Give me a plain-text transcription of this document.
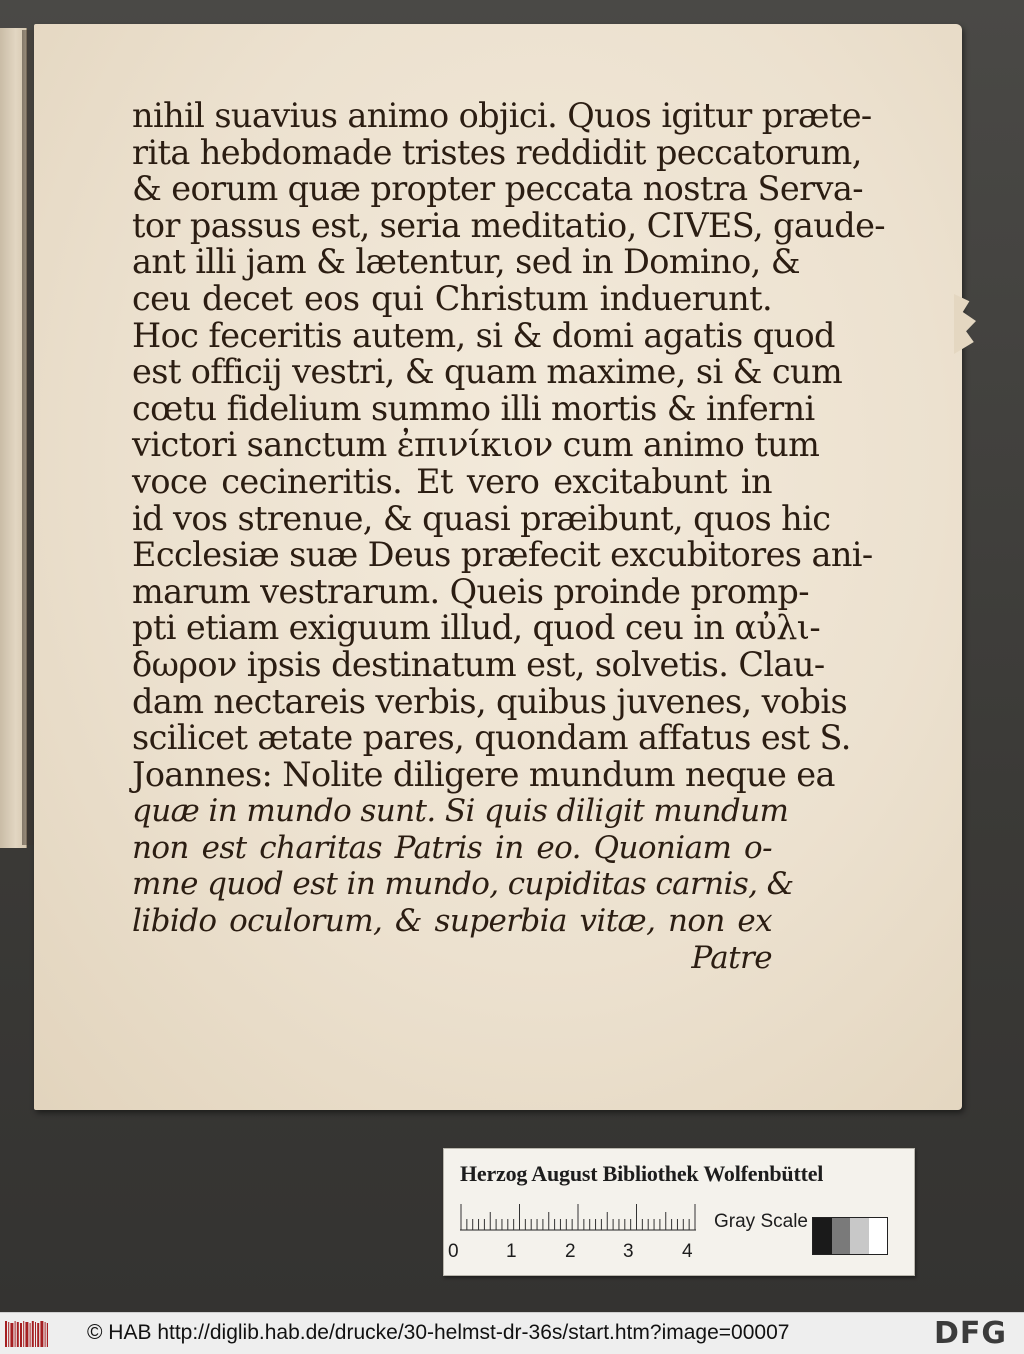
nihil suavius animo objici. Quos igitur præte-
rita hebdomade tristes reddidit peccatorum,
& eorum quæ propter peccata nostra Serva-
tor passus est, seria meditatio, CIVES, gaude-
ant illi jam & lætentur, sed in Domino, &
ceu decet eos qui Christum induerunt.
Hoc feceritis autem, si & domi agatis quod
est officij vestri, & quam maxime, si & cum
cœtu fidelium summo illi mortis & inferni
victori sanctum ἐπινίκιον cum animo tum
voce cecineritis. Et vero excitabunt in
id vos strenue, & quasi præibunt, quos hic
Ecclesiæ suæ Deus præfecit excubitores ani-
marum vestrarum. Queis proinde promp-
pti etiam exiguum illud, quod ceu in αὐλι-
δωρον ipsis destinatum est, solvetis. Clau-
dam nectareis verbis, quibus juvenes, vobis
scilicet ætate pares, quondam affatus est S.
Joannes: Nolite diligere mundum neque ea
quæ in mundo sunt. Si quis diligit mundum
non est charitas Patris in eo. Quoniam o-
mne quod est in mundo, cupiditas carnis, &
libido oculorum, & superbia vitæ, non ex
Patre
Herzog August Bibliothek Wolfenbüttel
0 1	2 3	4
Gray Scale
© HAB http://diglib.hab.de/drucke/30-helmst-dr-36s/start.htm?image=00007	DFG
